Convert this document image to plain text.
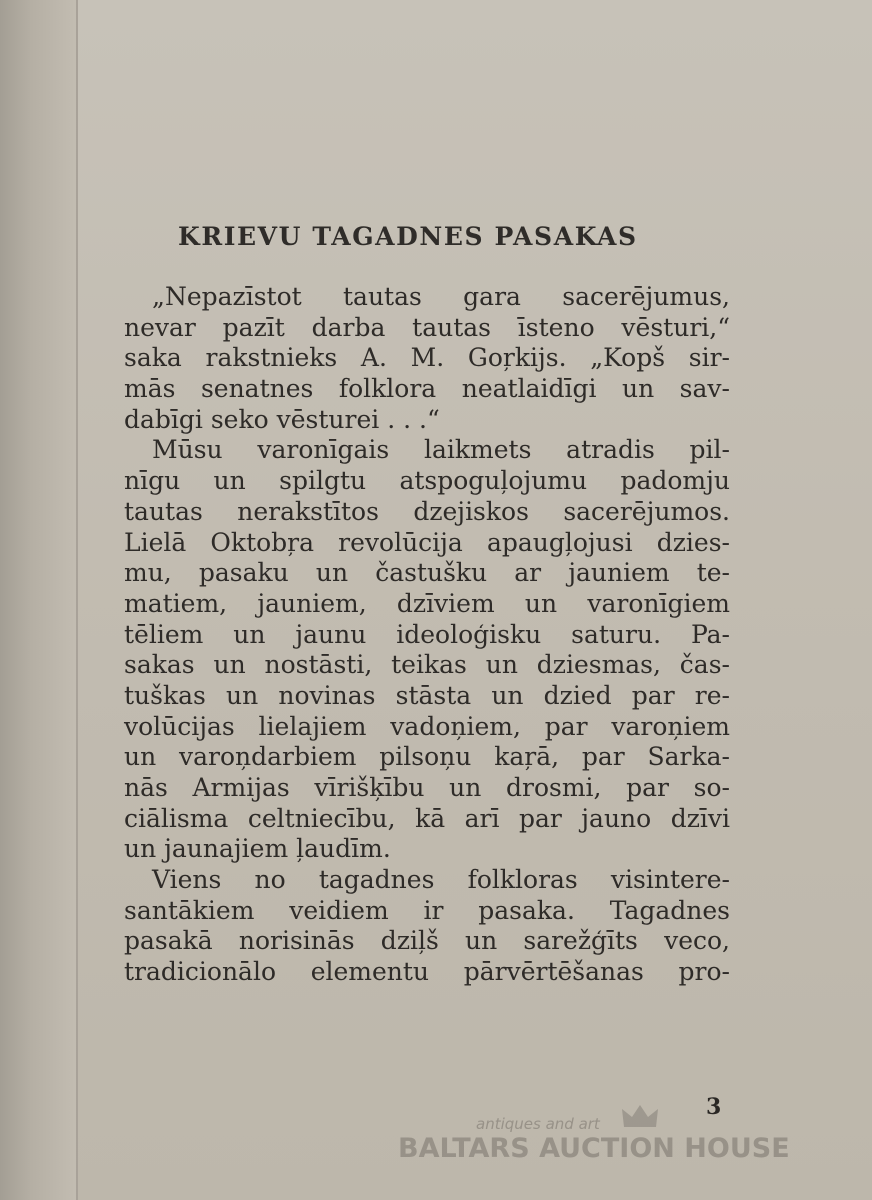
KRIEVU TAGADNES PASAKAS
„Nepazīstot tautas gara sacerējumus,
nevar pazīt darba tautas īsteno vēsturi,“
saka rakstnieks A. M. Goŗkijs. „Kopš sir-
mās senatnes folklora neatlaidīgi un sav-
dabīgi seko vēsturei . . .“
Mūsu varonīgais laikmets atradis pil-
nīgu un spilgtu atspoguļojumu padomju
tautas nerakstītos dzejiskos sacerējumos.
Lielā Oktobŗa revolūcija apaugļojusi dzies-
mu, pasaku un častušku ar jauniem te-
matiem, jauniem, dzīviem un varonīgiem
tēliem un jaunu ideoloģisku saturu. Pa-
sakas un nostāsti, teikas un dziesmas, čas-
tuškas un novinas stāsta un dzied par re-
volūcijas lielajiem vadoņiem, par varoņiem
un varoņdarbiem pilsoņu kaŗā, par Sarka-
nās Armijas vīrišķību un drosmi, par so-
ciālisma celtniecību, kā arī par jauno dzīvi
un jaunajiem ļaudīm.
Viens no tagadnes folkloras visintere-
santākiem veidiem ir pasaka. Tagadnes
pasakā norisinās dziļš un sarežģīts veco,
tradicionālo elementu pārvērtēšanas pro-
3
antiques and art
BALTARS AUCTION HOUSE
